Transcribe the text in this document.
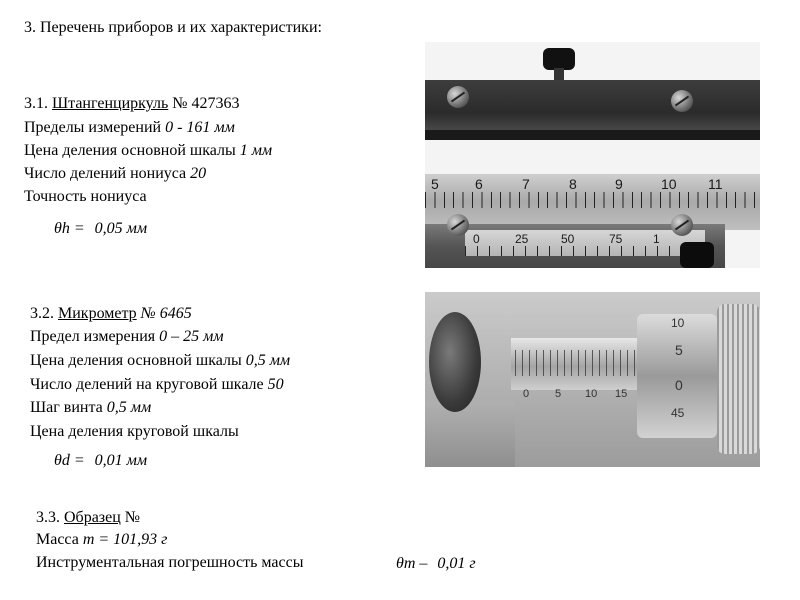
3. Перечень приборов и их характеристики:
3.1. Штангенциркуль № 427363
Пределы измерений 0 - 161 мм
Цена деления основной шкалы 1 мм
Число делений нониуса 20
Точность нониуса
θh = 0,05 мм
5	6	7	8	9	10 11
0	25	50	75	1
3.2. Микрометр № 6465
Предел измерения 0 – 25 мм
Цена деления основной шкалы 0,5 мм
Число делений на круговой шкале 50
Шаг винта 0,5 мм
Цена деления круговой шкалы
θd = 0,01 мм
0 5 10 15
10
5
0
45
3.3. Образец №
Масса m = 101,93 г
Инструментальная погрешность массы	θm – 0,01 г
